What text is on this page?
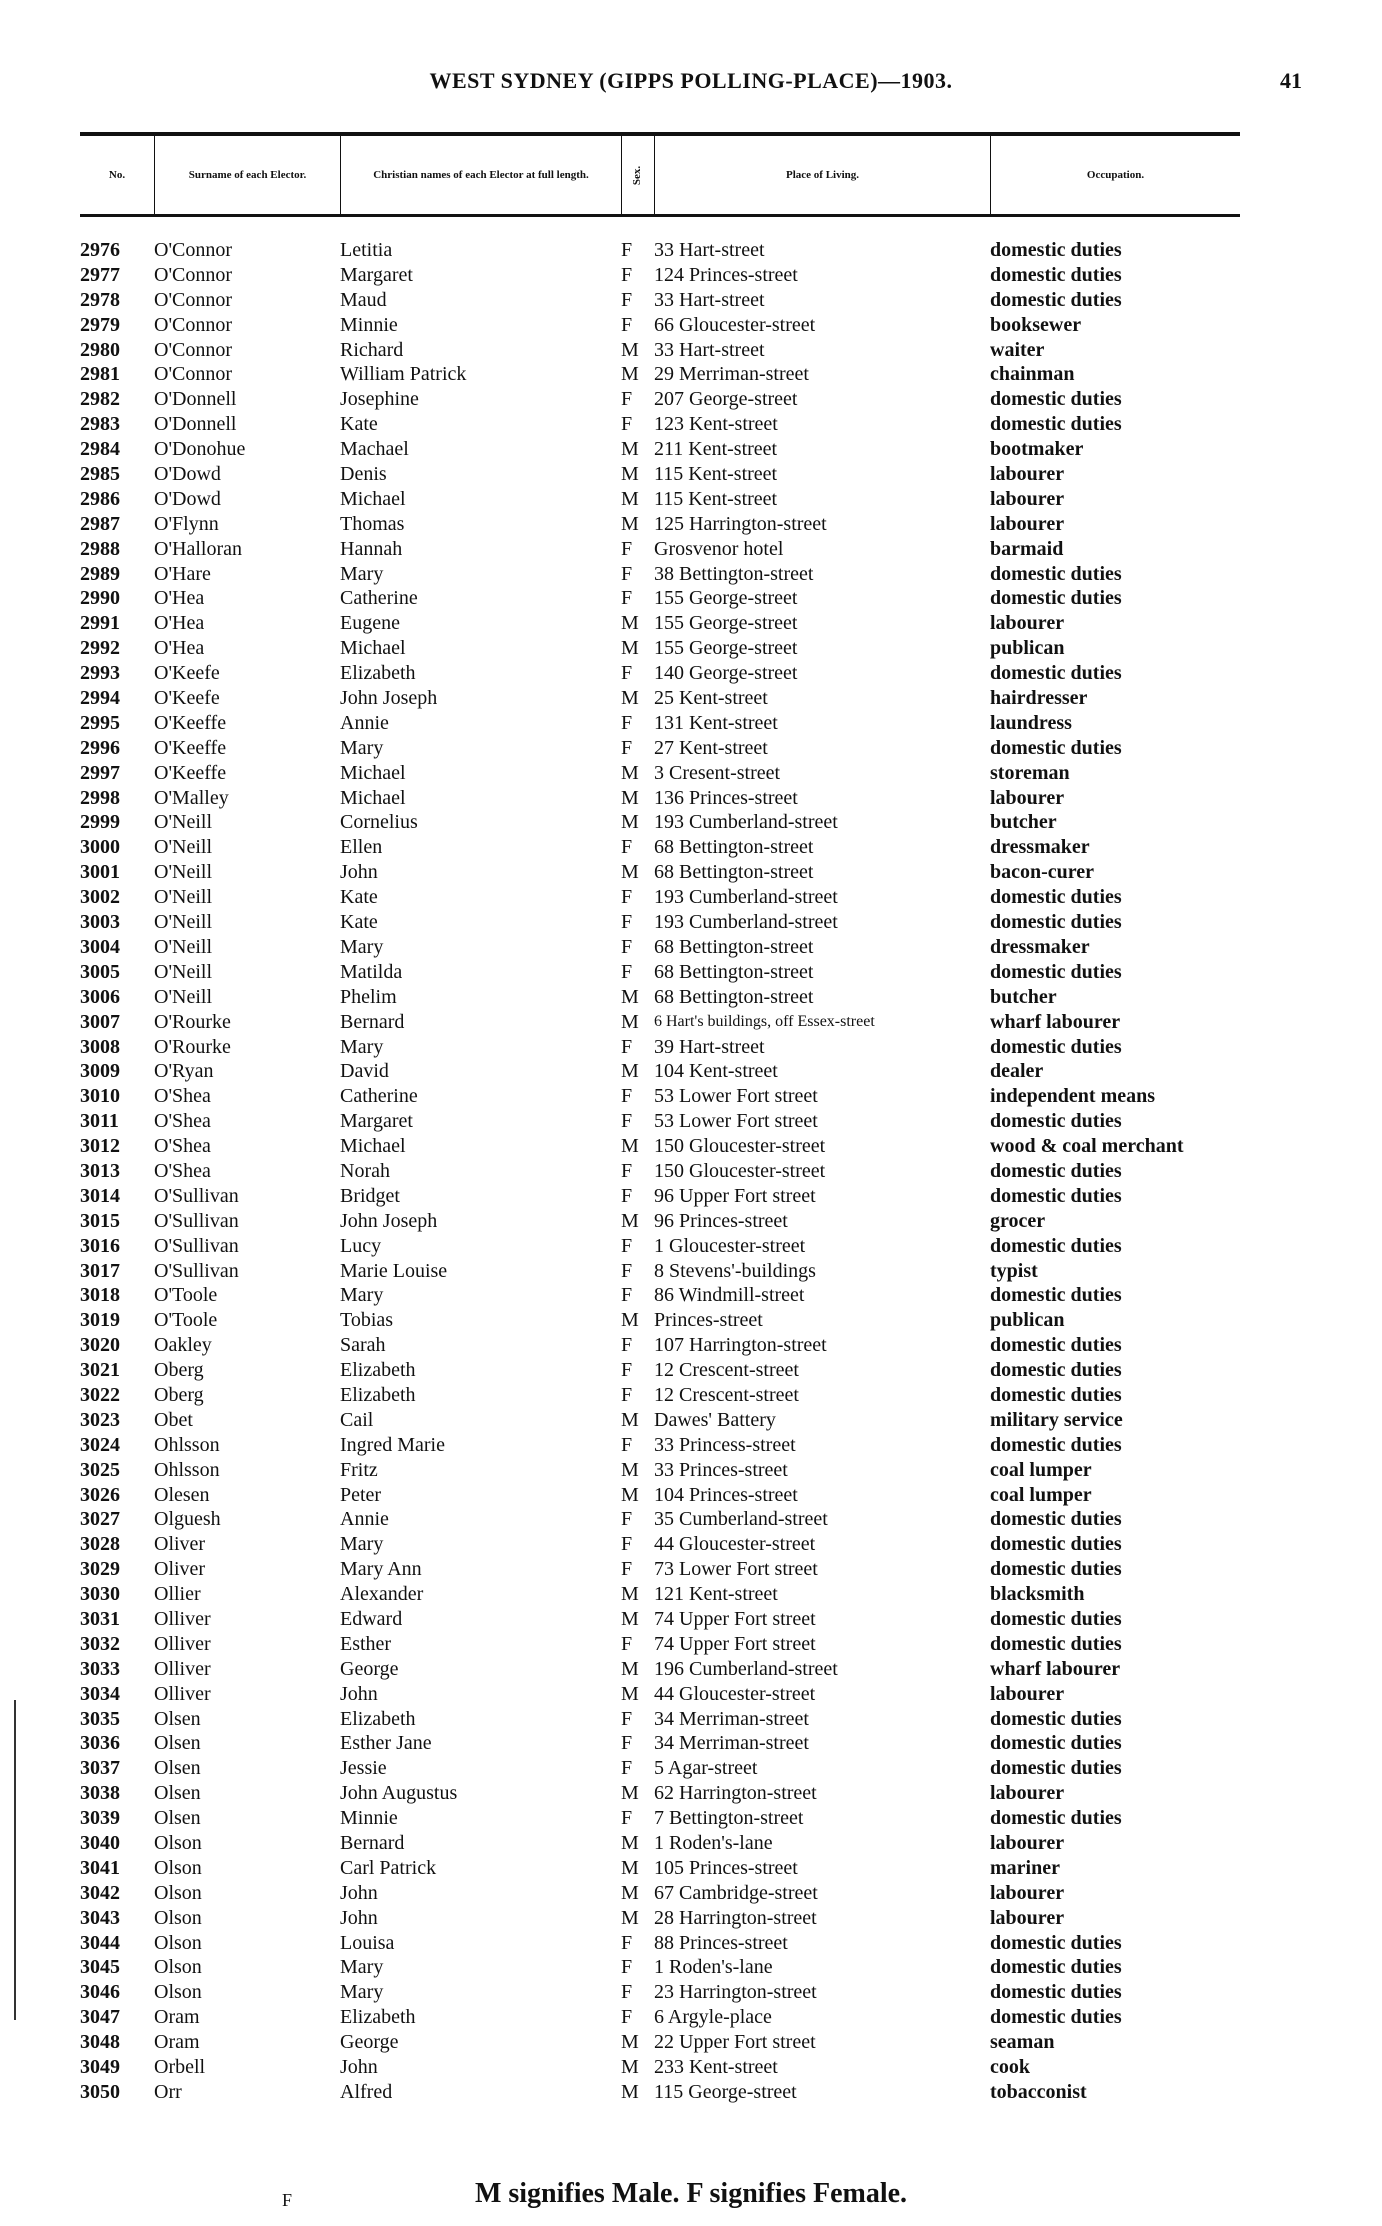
WEST SYDNEY (GIPPS POLLING-PLACE)—1903.	41
No.	Surname of each Elector.	Christian names of each Elector at full length.	Sex.	Place of Living.	Occupation.
2976 O'Connor	Letitia	F 33 Hart-street	domestic duties
2977 O'Connor	Margaret	F 124 Princes-street	domestic duties
2978 O'Connor	Maud	F 33 Hart-street	domestic duties
2979 O'Connor	Minnie	F 66 Gloucester-street	booksewer
2980 O'Connor	Richard	M 33 Hart-street	waiter
2981 O'Connor	William Patrick	M 29 Merriman-street	chainman
2982 O'Donnell	Josephine	F 207 George-street	domestic duties
2983 O'Donnell	Kate	F 123 Kent-street	domestic duties
2984 O'Donohue	Machael	M 211 Kent-street	bootmaker
2985 O'Dowd	Denis	M 115 Kent-street	labourer
2986 O'Dowd	Michael	M 115 Kent-street	labourer
2987 O'Flynn	Thomas	M 125 Harrington-street	labourer
2988 O'Halloran	Hannah	F Grosvenor hotel	barmaid
2989 O'Hare	Mary	F 38 Bettington-street	domestic duties
2990 O'Hea	Catherine	F 155 George-street	domestic duties
2991 O'Hea	Eugene	M 155 George-street	labourer
2992 O'Hea	Michael	M 155 George-street	publican
2993 O'Keefe	Elizabeth	F 140 George-street	domestic duties
2994 O'Keefe	John Joseph	M 25 Kent-street	hairdresser
2995 O'Keeffe	Annie	F 131 Kent-street	laundress
2996 O'Keeffe	Mary	F 27 Kent-street	domestic duties
2997 O'Keeffe	Michael	M 3 Cresent-street	storeman
2998 O'Malley	Michael	M 136 Princes-street	labourer
2999 O'Neill	Cornelius	M 193 Cumberland-street	butcher
3000 O'Neill	Ellen	F 68 Bettington-street	dressmaker
3001 O'Neill	John	M 68 Bettington-street	bacon-curer
3002 O'Neill	Kate	F 193 Cumberland-street	domestic duties
3003 O'Neill	Kate	F 193 Cumberland-street	domestic duties
3004 O'Neill	Mary	F 68 Bettington-street	dressmaker
3005 O'Neill	Matilda	F 68 Bettington-street	domestic duties
3006 O'Neill	Phelim	M 68 Bettington-street	butcher
3007 O'Rourke	Bernard	M 6 Hart's buildings, off Essex-street	wharf labourer
3008 O'Rourke	Mary	F 39 Hart-street	domestic duties
3009 O'Ryan	David	M 104 Kent-street	dealer
3010 O'Shea	Catherine	F 53 Lower Fort street	independent means
3011 O'Shea	Margaret	F 53 Lower Fort street	domestic duties
3012 O'Shea	Michael	M 150 Gloucester-street	wood & coal merchant
3013 O'Shea	Norah	F 150 Gloucester-street	domestic duties
3014 O'Sullivan	Bridget	F 96 Upper Fort street	domestic duties
3015 O'Sullivan	John Joseph	M 96 Princes-street	grocer
3016 O'Sullivan	Lucy	F 1 Gloucester-street	domestic duties
3017 O'Sullivan	Marie Louise	F 8 Stevens'-buildings	typist
3018 O'Toole	Mary	F 86 Windmill-street	domestic duties
3019 O'Toole	Tobias	M Princes-street	publican
3020 Oakley	Sarah	F 107 Harrington-street	domestic duties
3021 Oberg	Elizabeth	F 12 Crescent-street	domestic duties
3022 Oberg	Elizabeth	F 12 Crescent-street	domestic duties
3023 Obet	Cail	M Dawes' Battery	military service
3024 Ohlsson	Ingred Marie	F 33 Princess-street	domestic duties
3025 Ohlsson	Fritz	M 33 Princes-street	coal lumper
3026 Olesen	Peter	M 104 Princes-street	coal lumper
3027 Olguesh	Annie	F 35 Cumberland-street	domestic duties
3028 Oliver	Mary	F 44 Gloucester-street	domestic duties
3029 Oliver	Mary Ann	F 73 Lower Fort street	domestic duties
3030 Ollier	Alexander	M 121 Kent-street	blacksmith
3031 Olliver	Edward	M 74 Upper Fort street	domestic duties
3032 Olliver	Esther	F 74 Upper Fort street	domestic duties
3033 Olliver	George	M 196 Cumberland-street	wharf labourer
3034 Olliver	John	M 44 Gloucester-street	labourer
3035 Olsen	Elizabeth	F 34 Merriman-street	domestic duties
3036 Olsen	Esther Jane	F 34 Merriman-street	domestic duties
3037 Olsen	Jessie	F 5 Agar-street	domestic duties
3038 Olsen	John Augustus	M 62 Harrington-street	labourer
3039 Olsen	Minnie	F 7 Bettington-street	domestic duties
3040 Olson	Bernard	M 1 Roden's-lane	labourer
3041 Olson	Carl Patrick	M 105 Princes-street	mariner
3042 Olson	John	M 67 Cambridge-street	labourer
3043 Olson	John	M 28 Harrington-street	labourer
3044 Olson	Louisa	F 88 Princes-street	domestic duties
3045 Olson	Mary	F 1 Roden's-lane	domestic duties
3046 Olson	Mary	F 23 Harrington-street	domestic duties
3047 Oram	Elizabeth	F 6 Argyle-place	domestic duties
3048 Oram	George	M 22 Upper Fort street	seaman
3049 Orbell	John	M 233 Kent-street	cook
3050 Orr	Alfred	M 115 George-street	tobacconist
F	M signifies Male. F signifies Female.
